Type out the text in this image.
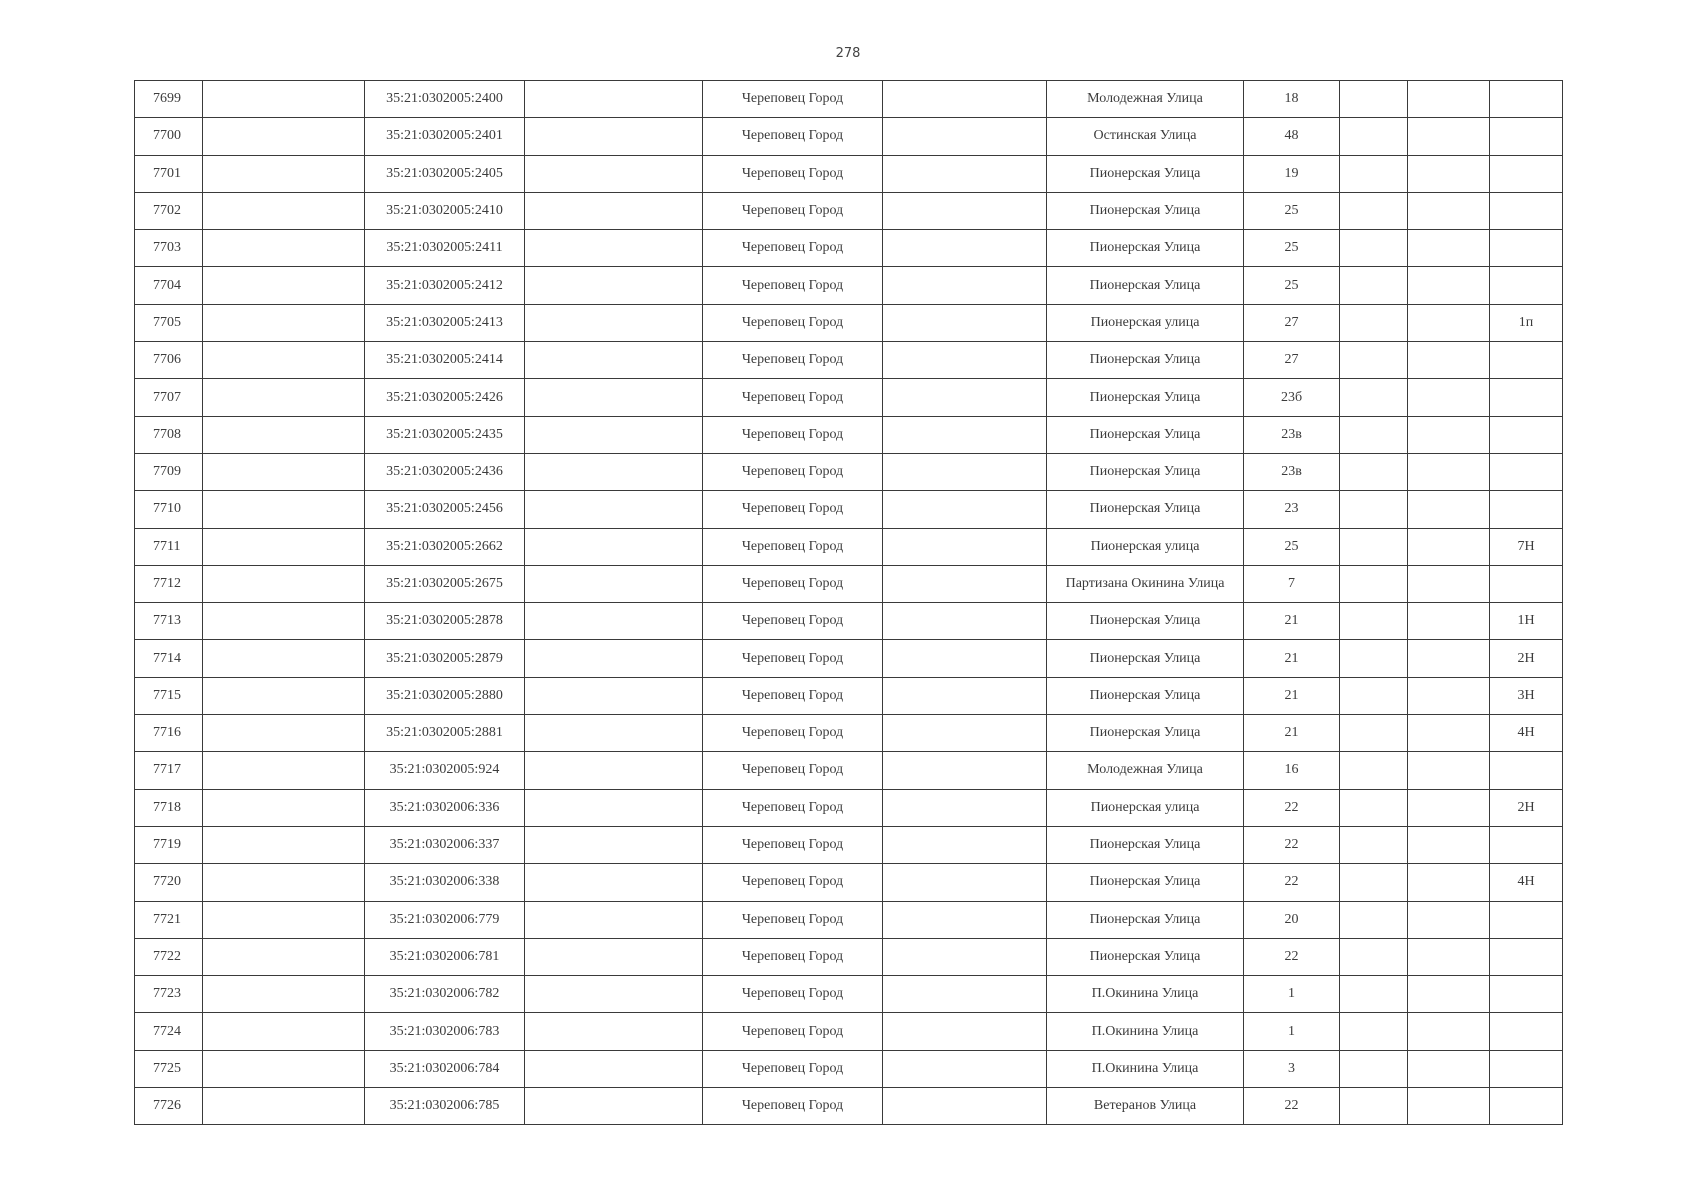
278
7699		35:21:0302005:2400		Череповец Город		Молодежная Улица	18			
7700		35:21:0302005:2401		Череповец Город		Остинская Улица	48			
7701		35:21:0302005:2405		Череповец Город		Пионерская Улица	19			
7702		35:21:0302005:2410		Череповец Город		Пионерская Улица	25			
7703		35:21:0302005:2411		Череповец Город		Пионерская Улица	25			
7704		35:21:0302005:2412		Череповец Город		Пионерская Улица	25			
7705		35:21:0302005:2413		Череповец Город		Пионерская улица	27			1п
7706		35:21:0302005:2414		Череповец Город		Пионерская Улица	27			
7707		35:21:0302005:2426		Череповец Город		Пионерская Улица	23б			
7708		35:21:0302005:2435		Череповец Город		Пионерская Улица	23в			
7709		35:21:0302005:2436		Череповец Город		Пионерская Улица	23в			
7710		35:21:0302005:2456		Череповец Город		Пионерская Улица	23			
7711		35:21:0302005:2662		Череповец Город		Пионерская улица	25			7Н
7712		35:21:0302005:2675		Череповец Город		Партизана Окинина Улица	7			
7713		35:21:0302005:2878		Череповец Город		Пионерская Улица	21			1Н
7714		35:21:0302005:2879		Череповец Город		Пионерская Улица	21			2Н
7715		35:21:0302005:2880		Череповец Город		Пионерская Улица	21			3Н
7716		35:21:0302005:2881		Череповец Город		Пионерская Улица	21			4Н
7717		35:21:0302005:924		Череповец Город		Молодежная Улица	16			
7718		35:21:0302006:336		Череповец Город		Пионерская улица	22			2Н
7719		35:21:0302006:337		Череповец Город		Пионерская Улица	22			
7720		35:21:0302006:338		Череповец Город		Пионерская Улица	22			4Н
7721		35:21:0302006:779		Череповец Город		Пионерская Улица	20			
7722		35:21:0302006:781		Череповец Город		Пионерская Улица	22			
7723		35:21:0302006:782		Череповец Город		П.Окинина Улица	1			
7724		35:21:0302006:783		Череповец Город		П.Окинина Улица	1			
7725		35:21:0302006:784		Череповец Город		П.Окинина Улица	3			
7726		35:21:0302006:785		Череповец Город		Ветеранов Улица	22			
